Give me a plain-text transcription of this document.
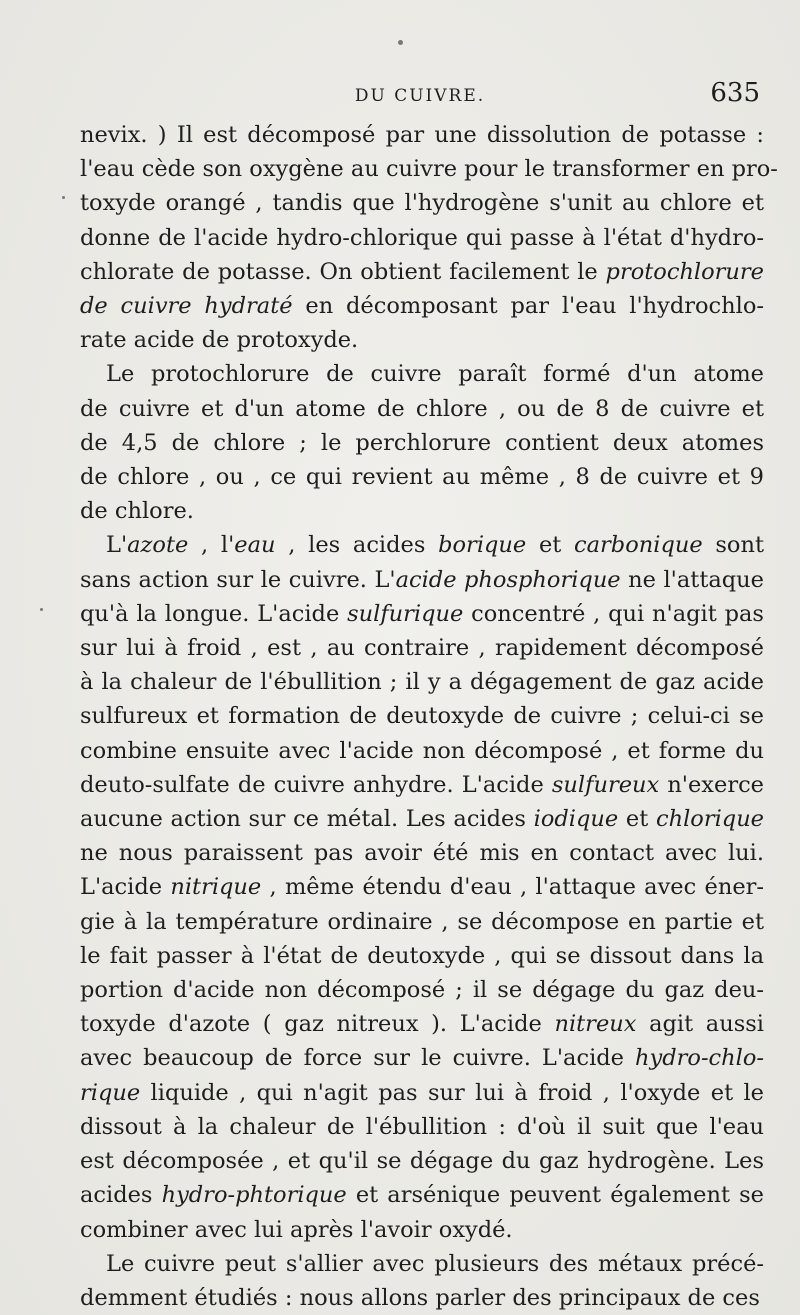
DU CUIVRE.	635
nevix. ) Il est décomposé par une dissolution de potasse :
l'eau cède son oxygène au cuivre pour le transformer en pro-
toxyde orangé , tandis que l'hydrogène s'unit au chlore et
donne de l'acide hydro-chlorique qui passe à l'état d'hydro-
chlorate de potasse. On obtient facilement le protochlorure
de cuivre hydraté en décomposant par l'eau l'hydrochlo-
rate acide de protoxyde.
Le protochlorure de cuivre paraît formé d'un atome
de cuivre et d'un atome de chlore , ou de 8 de cuivre et
de 4,5 de chlore ; le perchlorure contient deux atomes
de chlore , ou , ce qui revient au même , 8 de cuivre et 9
de chlore.
L'azote , l'eau , les acides borique et carbonique sont
sans action sur le cuivre. L'acide phosphorique ne l'attaque
qu'à la longue. L'acide sulfurique concentré , qui n'agit pas
sur lui à froid , est , au contraire , rapidement décomposé
à la chaleur de l'ébullition ; il y a dégagement de gaz acide
sulfureux et formation de deutoxyde de cuivre ; celui-ci se
combine ensuite avec l'acide non décomposé , et forme du
deuto-sulfate de cuivre anhydre. L'acide sulfureux n'exerce
aucune action sur ce métal. Les acides iodique et chlorique
ne nous paraissent pas avoir été mis en contact avec lui.
L'acide nitrique , même étendu d'eau , l'attaque avec éner-
gie à la température ordinaire , se décompose en partie et
le fait passer à l'état de deutoxyde , qui se dissout dans la
portion d'acide non décomposé ; il se dégage du gaz deu-
toxyde d'azote ( gaz nitreux ). L'acide nitreux agit aussi
avec beaucoup de force sur le cuivre. L'acide hydro-chlo-
rique liquide , qui n'agit pas sur lui à froid , l'oxyde et le
dissout à la chaleur de l'ébullition : d'où il suit que l'eau
est décomposée , et qu'il se dégage du gaz hydrogène. Les
acides hydro-phtorique et arsénique peuvent également se
combiner avec lui après l'avoir oxydé.
Le cuivre peut s'allier avec plusieurs des métaux précé-
demment étudiés : nous allons parler des principaux de ces
